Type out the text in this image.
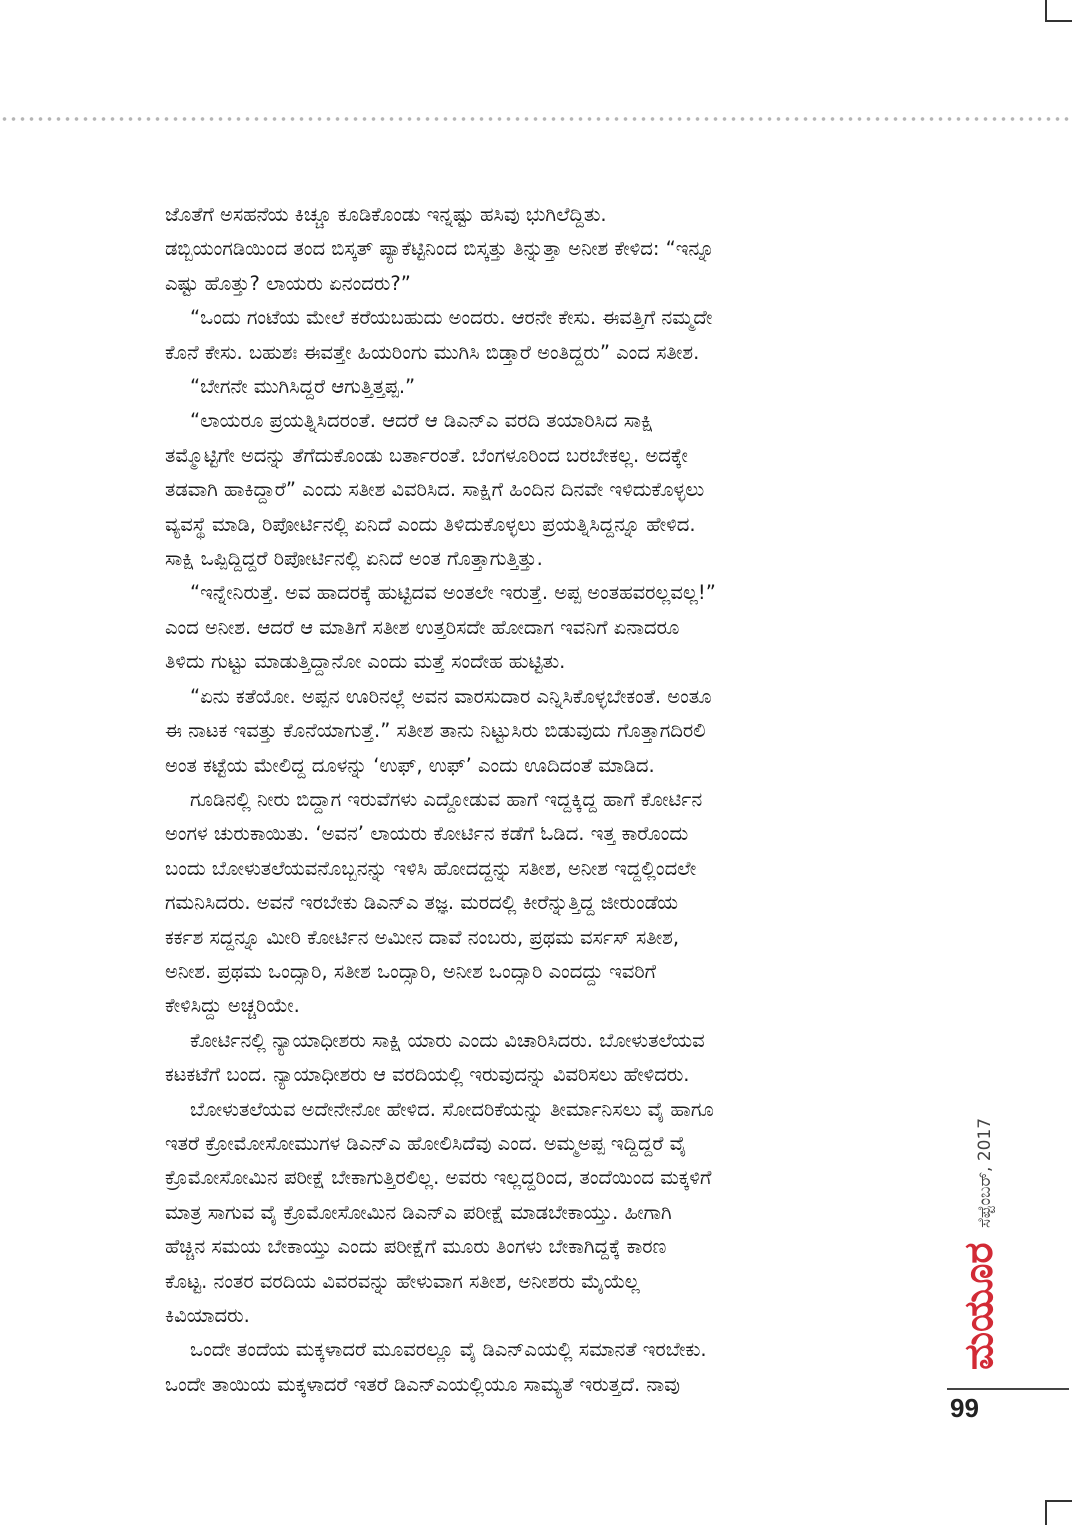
ಜೊತೆಗೆ ಅಸಹನೆಯ ಕಿಚ್ಚೂ ಕೂಡಿಕೊಂಡು ಇನ್ನಷ್ಟು ಹಸಿವು ಭುಗಿಲೆದ್ದಿತು.
ಡಬ್ಬಿಯಂಗಡಿಯಿಂದ ತಂದ ಬಿಸ್ಕತ್ ಪ್ಯಾಕೆಟ್ಟಿನಿಂದ ಬಿಸ್ಕತ್ತು ತಿನ್ನುತ್ತಾ ಅನೀಶ ಕೇಳಿದ: “ಇನ್ನೂ
ಎಷ್ಟು ಹೊತ್ತು? ಲಾಯರು ಏನಂದರು?”

“ಒಂದು ಗಂಟೆಯ ಮೇಲೆ ಕರೆಯಬಹುದು ಅಂದರು. ಆರನೇ ಕೇಸು. ಈವತ್ತಿಗೆ ನಮ್ಮದೇ
ಕೊನೆ ಕೇಸು. ಬಹುಶಃ ಈವತ್ತೇ ಹಿಯರಿಂಗು ಮುಗಿಸಿ ಬಿಡ್ತಾರೆ ಅಂತಿದ್ದರು” ಎಂದ ಸತೀಶ.

“ಬೇಗನೇ ಮುಗಿಸಿದ್ದರೆ ಆಗುತ್ತಿತ್ತಪ್ಪ.”

“ಲಾಯರೂ ಪ್ರಯತ್ನಿಸಿದರಂತೆ. ಆದರೆ ಆ ಡಿಎನ್‌ಎ ವರದಿ ತಯಾರಿಸಿದ ಸಾಕ್ಷಿ
ತಮ್ಮೊಟ್ಟಿಗೇ ಅದನ್ನು ತೆಗೆದುಕೊಂಡು ಬರ್ತಾರಂತೆ. ಬೆಂಗಳೂರಿಂದ ಬರಬೇಕಲ್ಲ. ಅದಕ್ಕೇ
ತಡವಾಗಿ ಹಾಕಿದ್ದಾರೆ” ಎಂದು ಸತೀಶ ವಿವರಿಸಿದ. ಸಾಕ್ಷಿಗೆ ಹಿಂದಿನ ದಿನವೇ ಇಳಿದುಕೊಳ್ಳಲು
ವ್ಯವಸ್ಥೆ ಮಾಡಿ, ರಿಪೋರ್ಟಿನಲ್ಲಿ ಏನಿದೆ ಎಂದು ತಿಳಿದುಕೊಳ್ಳಲು ಪ್ರಯತ್ನಿಸಿದ್ದನ್ನೂ ಹೇಳಿದ.
ಸಾಕ್ಷಿ ಒಪ್ಪಿದ್ದಿದ್ದರೆ ರಿಪೋರ್ಟಿನಲ್ಲಿ ಏನಿದೆ ಅಂತ ಗೊತ್ತಾಗುತ್ತಿತ್ತು.

“ಇನ್ನೇನಿರುತ್ತೆ. ಅವ ಹಾದರಕ್ಕೆ ಹುಟ್ಟಿದವ ಅಂತಲೇ ಇರುತ್ತೆ. ಅಪ್ಪ ಅಂತಹವರಲ್ಲವಲ್ಲ!”
ಎಂದ ಅನೀಶ. ಆದರೆ ಆ ಮಾತಿಗೆ ಸತೀಶ ಉತ್ತರಿಸದೇ ಹೋದಾಗ ಇವನಿಗೆ ಏನಾದರೂ
ತಿಳಿದು ಗುಟ್ಟು ಮಾಡುತ್ತಿದ್ದಾನೋ ಎಂದು ಮತ್ತೆ ಸಂದೇಹ ಹುಟ್ಟಿತು.

“ಏನು ಕತೆಯೋ. ಅಪ್ಪನ ಊರಿನಲ್ಲೆ ಅವನ ವಾರಸುದಾರ ಎನ್ನಿಸಿಕೊಳ್ಳಬೇಕಂತೆ. ಅಂತೂ
ಈ ನಾಟಕ ಇವತ್ತು ಕೊನೆಯಾಗುತ್ತೆ.” ಸತೀಶ ತಾನು ನಿಟ್ಟುಸಿರು ಬಿಡುವುದು ಗೊತ್ತಾಗದಿರಲಿ
ಅಂತ ಕಟ್ಟೆಯ ಮೇಲಿದ್ದ ದೂಳನ್ನು ‘ಉಫ್, ಉಫ್’ ಎಂದು ಊದಿದಂತೆ ಮಾಡಿದ.

ಗೂಡಿನಲ್ಲಿ ನೀರು ಬಿದ್ದಾಗ ಇರುವೆಗಳು ಎದ್ದೋಡುವ ಹಾಗೆ ಇದ್ದಕ್ಕಿದ್ದ ಹಾಗೆ ಕೋರ್ಟಿನ
ಅಂಗಳ ಚುರುಕಾಯಿತು. ‘ಅವನ’ ಲಾಯರು ಕೋರ್ಟಿನ ಕಡೆಗೆ ಓಡಿದ. ಇತ್ತ ಕಾರೊಂದು
ಬಂದು ಬೋಳುತಲೆಯವನೊಬ್ಬನನ್ನು ಇಳಿಸಿ ಹೋದದ್ದನ್ನು ಸತೀಶ, ಅನೀಶ ಇದ್ದಲ್ಲಿಂದಲೇ
ಗಮನಿಸಿದರು. ಅವನೆ ಇರಬೇಕು ಡಿಎನ್‌ಎ ತಜ್ಞ. ಮರದಲ್ಲಿ ಕೀರೆನ್ನುತ್ತಿದ್ದ ಜೀರುಂಡೆಯ
ಕರ್ಕಶ ಸದ್ದನ್ನೂ ಮೀರಿ ಕೋರ್ಟಿನ ಅಮೀನ ದಾವೆ ನಂಬರು, ಪ್ರಥಮ ವರ್ಸಸ್ ಸತೀಶ,
ಅನೀಶ. ಪ್ರಥಮ ಒಂದ್ಸಾರಿ, ಸತೀಶ ಒಂದ್ಸಾರಿ, ಅನೀಶ ಒಂದ್ಸಾರಿ ಎಂದದ್ದು ಇವರಿಗೆ
ಕೇಳಿಸಿದ್ದು ಅಚ್ಚರಿಯೇ.

ಕೋರ್ಟಿನಲ್ಲಿ ನ್ಯಾಯಾಧೀಶರು ಸಾಕ್ಷಿ ಯಾರು ಎಂದು ವಿಚಾರಿಸಿದರು. ಬೋಳುತಲೆಯವ
ಕಟಕಟೆಗೆ ಬಂದ. ನ್ಯಾಯಾಧೀಶರು ಆ ವರದಿಯಲ್ಲಿ ಇರುವುದನ್ನು ವಿವರಿಸಲು ಹೇಳಿದರು.

ಬೋಳುತಲೆಯವ ಅದೇನೇನೋ ಹೇಳಿದ. ಸೋದರಿಕೆಯನ್ನು ತೀರ್ಮಾನಿಸಲು ವೈ ಹಾಗೂ
ಇತರೆ ಕ್ರೋಮೋಸೋಮುಗಳ ಡಿಎನ್‌ಎ ಹೋಲಿಸಿದೆವು ಎಂದ. ಅಮ್ಮಅಪ್ಪ ಇದ್ದಿದ್ದರೆ ವೈ
ಕ್ರೊಮೋಸೋಮಿನ ಪರೀಕ್ಷೆ ಬೇಕಾಗುತ್ತಿರಲಿಲ್ಲ. ಅವರು ಇಲ್ಲದ್ದರಿಂದ, ತಂದೆಯಿಂದ ಮಕ್ಕಳಿಗೆ
ಮಾತ್ರ ಸಾಗುವ ವೈ ಕ್ರೊಮೋಸೋಮಿನ ಡಿಎನ್‌ಎ ಪರೀಕ್ಷೆ ಮಾಡಬೇಕಾಯ್ತು. ಹೀಗಾಗಿ
ಹೆಚ್ಚಿನ ಸಮಯ ಬೇಕಾಯ್ತು ಎಂದು ಪರೀಕ್ಷೆಗೆ ಮೂರು ತಿಂಗಳು ಬೇಕಾಗಿದ್ದಕ್ಕೆ ಕಾರಣ
ಕೊಟ್ಟ. ನಂತರ ವರದಿಯ ವಿವರವನ್ನು ಹೇಳುವಾಗ ಸತೀಶ, ಅನೀಶರು ಮೈಯೆಲ್ಲ
ಕಿವಿಯಾದರು.

ಒಂದೇ ತಂದೆಯ ಮಕ್ಕಳಾದರೆ ಮೂವರಲ್ಲೂ ವೈ ಡಿಎನ್‌ಎಯಲ್ಲಿ ಸಮಾನತೆ ಇರಬೇಕು.
ಒಂದೇ ತಾಯಿಯ ಮಕ್ಕಳಾದರೆ ಇತರೆ ಡಿಎನ್‌ಎಯಲ್ಲಿಯೂ ಸಾಮ್ಯತೆ ಇರುತ್ತದೆ. ನಾವು

ಸೆಪ್ಟೆಂಬರ್, 2017
ಮಯೂರ
99
